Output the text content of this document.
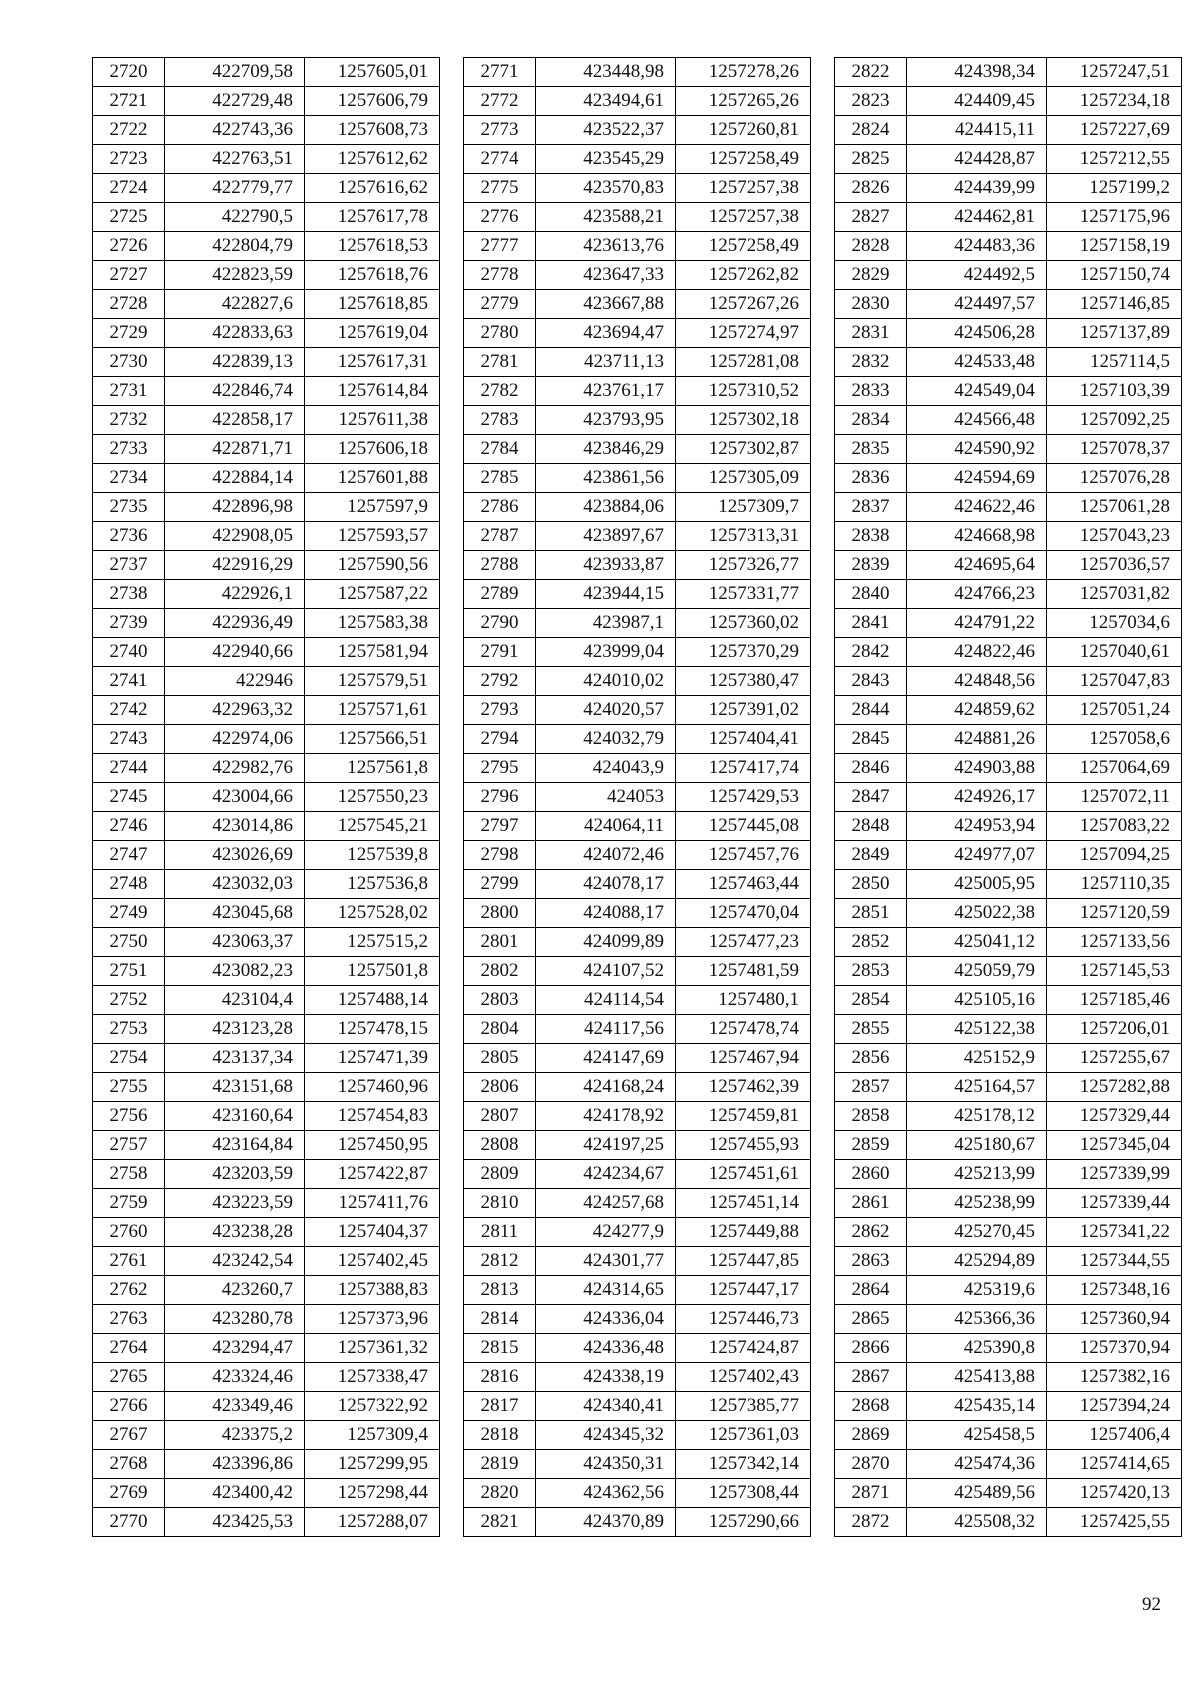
2720	422709,58	1257605,01
2721	422729,48	1257606,79
2722	422743,36	1257608,73
2723	422763,51	1257612,62
2724	422779,77	1257616,62
2725	422790,5	1257617,78
2726	422804,79	1257618,53
2727	422823,59	1257618,76
2728	422827,6	1257618,85
2729	422833,63	1257619,04
2730	422839,13	1257617,31
2731	422846,74	1257614,84
2732	422858,17	1257611,38
2733	422871,71	1257606,18
2734	422884,14	1257601,88
2735	422896,98	1257597,9
2736	422908,05	1257593,57
2737	422916,29	1257590,56
2738	422926,1	1257587,22
2739	422936,49	1257583,38
2740	422940,66	1257581,94
2741	422946	1257579,51
2742	422963,32	1257571,61
2743	422974,06	1257566,51
2744	422982,76	1257561,8
2745	423004,66	1257550,23
2746	423014,86	1257545,21
2747	423026,69	1257539,8
2748	423032,03	1257536,8
2749	423045,68	1257528,02
2750	423063,37	1257515,2
2751	423082,23	1257501,8
2752	423104,4	1257488,14
2753	423123,28	1257478,15
2754	423137,34	1257471,39
2755	423151,68	1257460,96
2756	423160,64	1257454,83
2757	423164,84	1257450,95
2758	423203,59	1257422,87
2759	423223,59	1257411,76
2760	423238,28	1257404,37
2761	423242,54	1257402,45
2762	423260,7	1257388,83
2763	423280,78	1257373,96
2764	423294,47	1257361,32
2765	423324,46	1257338,47
2766	423349,46	1257322,92
2767	423375,2	1257309,4
2768	423396,86	1257299,95
2769	423400,42	1257298,44
2770	423425,53	1257288,07
2771	423448,98	1257278,26
2772	423494,61	1257265,26
2773	423522,37	1257260,81
2774	423545,29	1257258,49
2775	423570,83	1257257,38
2776	423588,21	1257257,38
2777	423613,76	1257258,49
2778	423647,33	1257262,82
2779	423667,88	1257267,26
2780	423694,47	1257274,97
2781	423711,13	1257281,08
2782	423761,17	1257310,52
2783	423793,95	1257302,18
2784	423846,29	1257302,87
2785	423861,56	1257305,09
2786	423884,06	1257309,7
2787	423897,67	1257313,31
2788	423933,87	1257326,77
2789	423944,15	1257331,77
2790	423987,1	1257360,02
2791	423999,04	1257370,29
2792	424010,02	1257380,47
2793	424020,57	1257391,02
2794	424032,79	1257404,41
2795	424043,9	1257417,74
2796	424053	1257429,53
2797	424064,11	1257445,08
2798	424072,46	1257457,76
2799	424078,17	1257463,44
2800	424088,17	1257470,04
2801	424099,89	1257477,23
2802	424107,52	1257481,59
2803	424114,54	1257480,1
2804	424117,56	1257478,74
2805	424147,69	1257467,94
2806	424168,24	1257462,39
2807	424178,92	1257459,81
2808	424197,25	1257455,93
2809	424234,67	1257451,61
2810	424257,68	1257451,14
2811	424277,9	1257449,88
2812	424301,77	1257447,85
2813	424314,65	1257447,17
2814	424336,04	1257446,73
2815	424336,48	1257424,87
2816	424338,19	1257402,43
2817	424340,41	1257385,77
2818	424345,32	1257361,03
2819	424350,31	1257342,14
2820	424362,56	1257308,44
2821	424370,89	1257290,66
2822	424398,34	1257247,51
2823	424409,45	1257234,18
2824	424415,11	1257227,69
2825	424428,87	1257212,55
2826	424439,99	1257199,2
2827	424462,81	1257175,96
2828	424483,36	1257158,19
2829	424492,5	1257150,74
2830	424497,57	1257146,85
2831	424506,28	1257137,89
2832	424533,48	1257114,5
2833	424549,04	1257103,39
2834	424566,48	1257092,25
2835	424590,92	1257078,37
2836	424594,69	1257076,28
2837	424622,46	1257061,28
2838	424668,98	1257043,23
2839	424695,64	1257036,57
2840	424766,23	1257031,82
2841	424791,22	1257034,6
2842	424822,46	1257040,61
2843	424848,56	1257047,83
2844	424859,62	1257051,24
2845	424881,26	1257058,6
2846	424903,88	1257064,69
2847	424926,17	1257072,11
2848	424953,94	1257083,22
2849	424977,07	1257094,25
2850	425005,95	1257110,35
2851	425022,38	1257120,59
2852	425041,12	1257133,56
2853	425059,79	1257145,53
2854	425105,16	1257185,46
2855	425122,38	1257206,01
2856	425152,9	1257255,67
2857	425164,57	1257282,88
2858	425178,12	1257329,44
2859	425180,67	1257345,04
2860	425213,99	1257339,99
2861	425238,99	1257339,44
2862	425270,45	1257341,22
2863	425294,89	1257344,55
2864	425319,6	1257348,16
2865	425366,36	1257360,94
2866	425390,8	1257370,94
2867	425413,88	1257382,16
2868	425435,14	1257394,24
2869	425458,5	1257406,4
2870	425474,36	1257414,65
2871	425489,56	1257420,13
2872	425508,32	1257425,55
92
